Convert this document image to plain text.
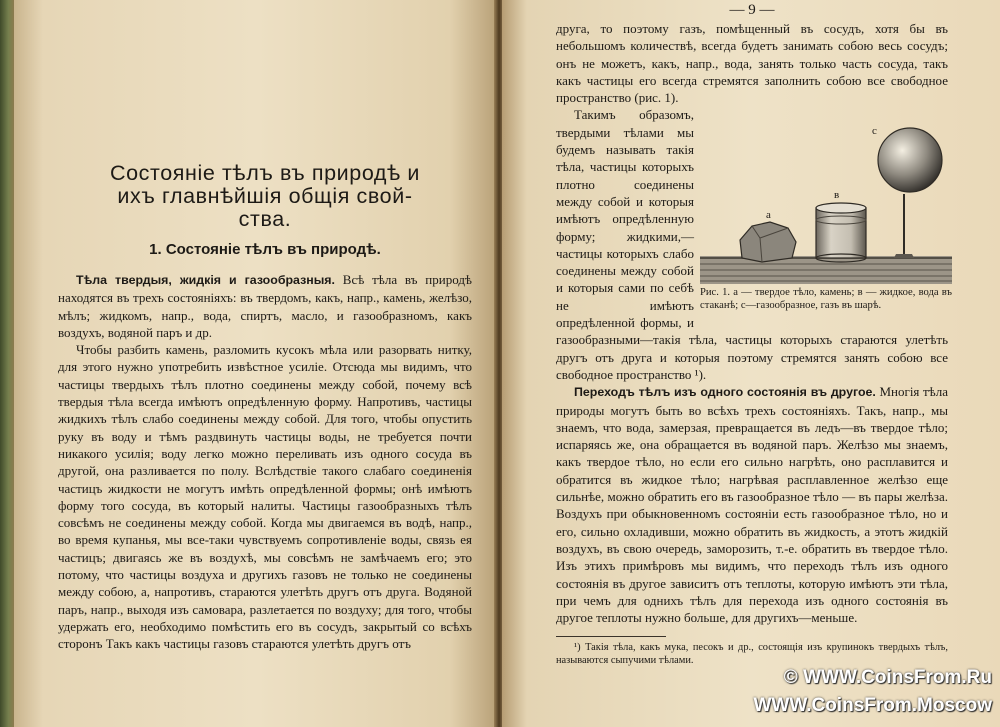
Состоянiе тѣлъ въ природѣ и
ихъ главнѣйшiя общiя свой-
ства.
1. Состоянiе тѣлъ въ природѣ.

Тѣла твердыя, жидкiя и газообразныя. Всѣ тѣла въ природѣ находятся въ трехъ состоянiяхъ: въ твердомъ, какъ, напр., камень, желѣзо, мѣлъ; жидкомъ, напр., вода, спиртъ, масло, и газообразномъ, какъ воздухъ, водяной паръ и др.

Чтобы разбить камень, разломить кусокъ мѣла или разорвать нитку, для этого нужно употребить извѣстное усилiе. Отсюда мы видимъ, что частицы твердыхъ тѣлъ плотно соединены между собой, почему всѣ твердыя тѣла всегда имѣютъ опредѣленную форму. Напротивъ, частицы жидкихъ тѣлъ слабо соединены между собой. Для того, чтобы опустить руку въ воду и тѣмъ раздвинуть частицы воды, не требуется почти никакого усилiя; воду легко можно переливать изъ одного сосуда въ другой, она разливается по полу. Вслѣдствiе такого слабаго соединенiя частицъ жидкости не могутъ имѣть опредѣленной формы; онѣ имѣютъ форму того сосуда, въ который налиты. Частицы газообразныхъ тѣлъ совсѣмъ не соединены между собой. Когда мы двигаемся въ водѣ, напр., во время купанья, мы все-таки чувствуемъ сопротивленiе воды, связь ея частицъ; двигаясь же въ воздухѣ, мы совсѣмъ не замѣчаемъ его; это потому, что частицы воздуха и другихъ газовъ не только не соединены между собою, а, напротивъ, стараются улетѣть другъ отъ друга. Водяной паръ, напр., выходя изъ самовара, разлетается по воздуху; для того, чтобы удержать его, необходимо помѣстить его въ сосудъ, закрытый со всѣхъ сторонъ Такъ какъ частицы газовъ стараются улетѣть другъ отъ

— 9 —

друга, то поэтому газъ, помѣщенный въ сосудъ, хотя бы въ небольшомъ количествѣ, всегда будетъ занимать собою весь сосудъ; онъ не можетъ, какъ, напр., вода, занять только часть сосуда, такъ какъ частицы его всегда стремятся заполнить собою все свободное пространство (рис. 1).

a
в
с
Рис. 1. а — твердое тѣло, камень; в — жидкое, вода въ стаканѣ; с—газообразное, газъ въ шарѣ.

Такимъ образомъ, твердыми тѣлами мы будемъ называть такiя тѣла, частицы которыхъ плотно соединены между собой и которыя имѣютъ опредѣленную форму; жидкими,— частицы которыхъ слабо соединены между собой и которыя сами по себѣ не имѣютъ опредѣленной формы, и газообразными—такiя тѣла, частицы которыхъ стараются улетѣть другъ отъ друга и которыя поэтому стремятся занять собою все свободное пространство ¹).

Переходъ тѣлъ изъ одного состоянiя въ другое. Многiя тѣла природы могутъ быть во всѣхъ трехъ состоянiяхъ. Такъ, напр., мы знаемъ, что вода, замерзая, превращается въ ледъ—въ твердое тѣло; испаряясь же, она обращается въ водяной паръ. Желѣзо мы знаемъ, какъ твердое тѣло, но если его сильно нагрѣть, оно расплавится и обратится въ жидкое тѣло; нагрѣвая расплавленное желѣзо еще сильнѣе, можно обратить его въ газообразное тѣло — въ пары желѣза. Воздухъ при обыкновенномъ состоянiи есть газообразное тѣло, но и его, сильно охладивши, можно обратить въ жидкость, а этотъ жидкiй воздухъ, въ свою очередь, заморозить, т.-е. обратить въ твердое тѣло. Изъ этихъ примѣровъ мы видимъ, что переходъ тѣлъ изъ одного состоянiя въ другое зависитъ отъ теплоты, которую имѣютъ эти тѣла, при чемъ для однихъ тѣлъ для перехода изъ одного состоянiя въ другое теплоты нужно больше, для другихъ—меньше.

¹) Такiя тѣла, какъ мука, песокъ и др., состоящiя изъ крупинокъ твердыхъ тѣлъ, называются сыпучими тѣлами.

© WWW.CoinsFrom.Ru
WWW.CoinsFrom.Moscow
